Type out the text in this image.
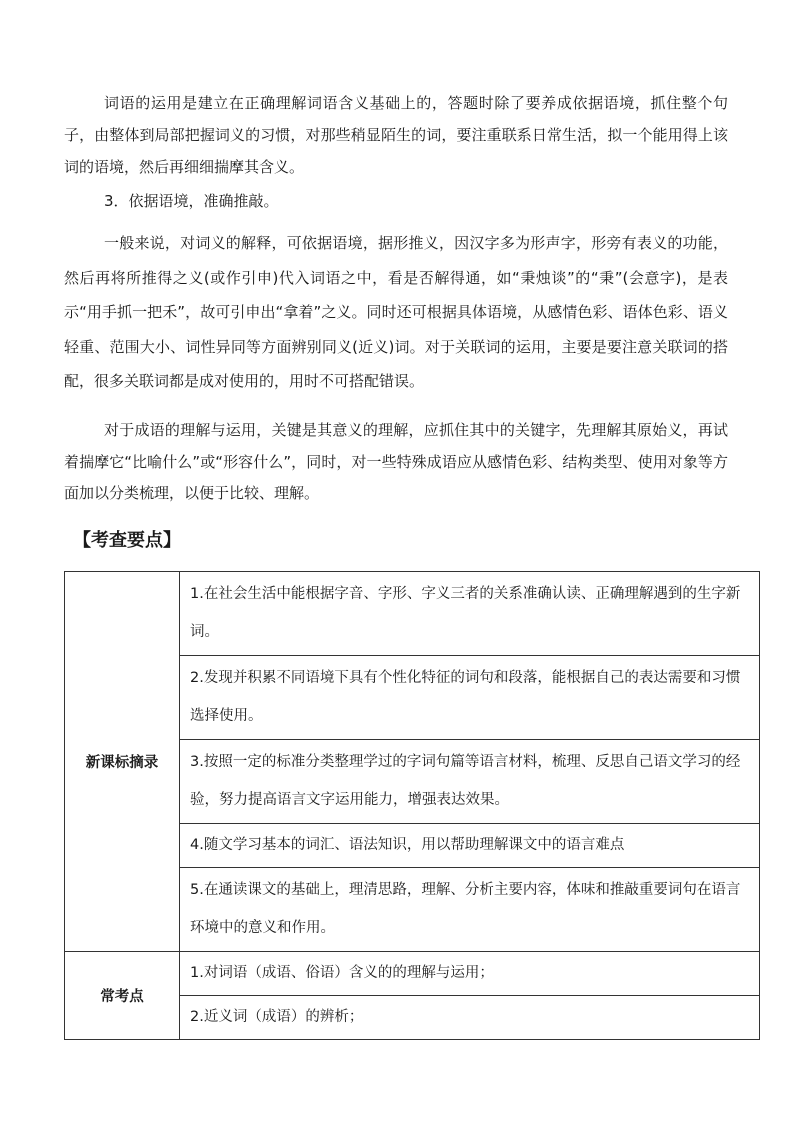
词语的运用是建立在正确理解词语含义基础上的，答题时除了要养成依据语境，抓住整个句子，由整体到局部把握词义的习惯，对那些稍显陌生的词，要注重联系日常生活，拟一个能用得上该词的语境，然后再细细揣摩其含义。

3．依据语境，准确推敲。

一般来说，对词义的解释，可依据语境，据形推义，因汉字多为形声字，形旁有表义的功能，然后再将所推得之义(或作引申)代入词语之中，看是否解得通，如“秉烛谈”的“秉”(会意字)，是表示“用手抓一把禾”，故可引申出“拿着”之义。同时还可根据具体语境，从感情色彩、语体色彩、语义轻重、范围大小、词性异同等方面辨别同义(近义)词。对于关联词的运用，主要是要注意关联词的搭配，很多关联词都是成对使用的，用时不可搭配错误。

对于成语的理解与运用，关键是其意义的理解，应抓住其中的关键字，先理解其原始义，再试着揣摩它“比喻什么”或“形容什么”，同时，对一些特殊成语应从感情色彩、结构类型、使用对象等方面加以分类梳理，以便于比较、理解。

【考查要点】
新课标摘录	1.在社会生活中能根据字音、字形、字义三者的关系准确认读、正确理解遇到的生字新词。
	2.发现并积累不同语境下具有个性化特征的词句和段落，能根据自己的表达需要和习惯选择使用。
	3.按照一定的标准分类整理学过的字词句篇等语言材料，梳理、反思自己语文学习的经验，努力提高语言文字运用能力，增强表达效果。
	4.随文学习基本的词汇、语法知识，用以帮助理解课文中的语言难点
	5.在通读课文的基础上，理清思路，理解、分析主要内容，体味和推敲重要词句在语言环境中的意义和作用。
常考点	1.对词语（成语、俗语）含义的的理解与运用；
	2.近义词（成语）的辨析；
